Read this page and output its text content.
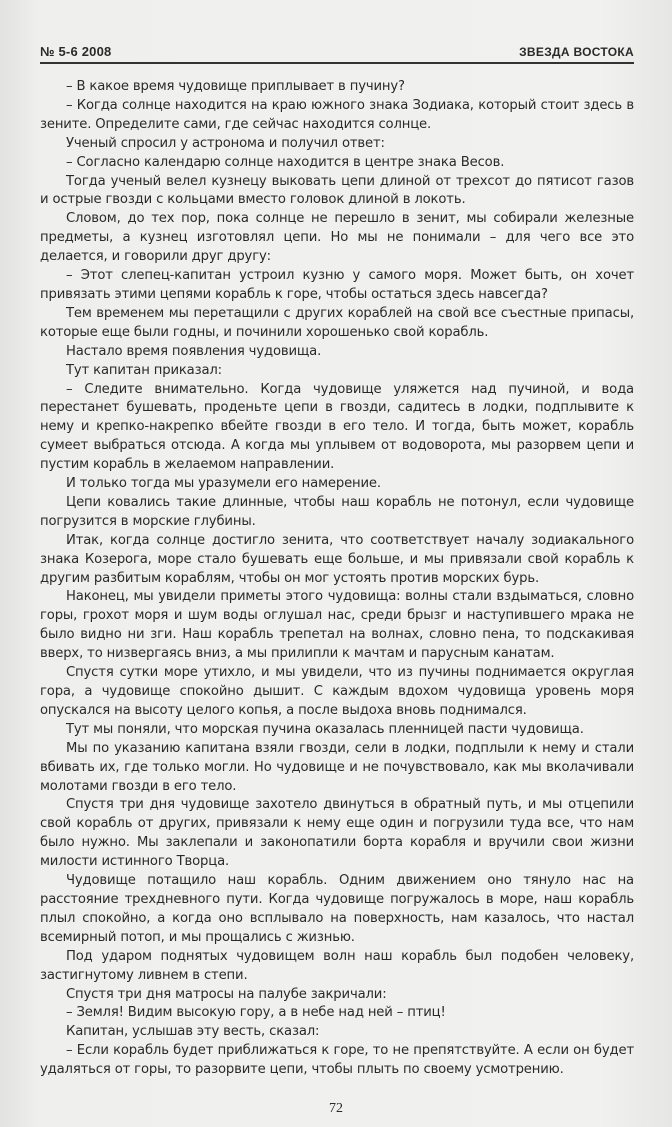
№ 5-6 2008	ЗВЕЗДА ВОСТОКА

– В какое время чудовище приплывает в пучину?

– Когда солнце находится на краю южного знака Зодиака, который стоит здесь в зените. Определите сами, где сейчас находится солнце.

Ученый спросил у астронома и получил ответ:

– Согласно календарю солнце находится в центре знака Весов.

Тогда ученый велел кузнецу выковать цепи длиной от трехсот до пятисот газов и острые гвозди с кольцами вместо головок длиной в локоть.

Словом, до тех пор, пока солнце не перешло в зенит, мы собирали железные предметы, а кузнец изготовлял цепи. Но мы не понимали – для чего все это делается, и говорили друг другу:

– Этот слепец-капитан устроил кузню у самого моря. Может быть, он хочет привязать этими цепями корабль к горе, чтобы остаться здесь навсегда?

Тем временем мы перетащили с других кораблей на свой все съестные припасы, которые еще были годны, и починили хорошенько свой корабль.

Настало время появления чудовища.

Тут капитан приказал:

– Следите внимательно. Когда чудовище уляжется над пучиной, и вода перестанет бушевать, проденьте цепи в гвозди, садитесь в лодки, подплывите к нему и крепко-накрепко вбейте гвозди в его тело. И тогда, быть может, корабль сумеет выбраться отсюда. А когда мы уплывем от водоворота, мы разорвем цепи и пустим корабль в желаемом направлении.

И только тогда мы уразумели его намерение.

Цепи ковались такие длинные, чтобы наш корабль не потонул, если чудовище погрузится в морские глубины.

Итак, когда солнце достигло зенита, что соответствует началу зодиакального знака Козерога, море стало бушевать еще больше, и мы привязали свой корабль к другим разбитым кораблям, чтобы он мог устоять против морских бурь.

Наконец, мы увидели приметы этого чудовища: волны стали вздыматься, словно горы, грохот моря и шум воды оглушал нас, среди брызг и наступившего мрака не было видно ни зги. Наш корабль трепетал на волнах, словно пена, то подскакивая вверх, то низвергаясь вниз, а мы прилипли к мачтам и парусным канатам.

Спустя сутки море утихло, и мы увидели, что из пучины поднимается округлая гора, а чудовище спокойно дышит. С каждым вдохом чудовища уровень моря опускался на высоту целого копья, а после выдоха вновь поднимался.

Тут мы поняли, что морская пучина оказалась пленницей пасти чудовища.

Мы по указанию капитана взяли гвозди, сели в лодки, подплыли к нему и стали вбивать их, где только могли. Но чудовище и не почувствовало, как мы вколачивали молотами гвозди в его тело.

Спустя три дня чудовище захотело двинуться в обратный путь, и мы отцепили свой корабль от других, привязали к нему еще один и погрузили туда все, что нам было нужно. Мы заклепали и законопатили борта корабля и вручили свои жизни милости истинного Творца.

Чудовище потащило наш корабль. Одним движением оно тянуло нас на расстояние трехдневного пути. Когда чудовище погружалось в море, наш корабль плыл спокойно, а когда оно всплывало на поверхность, нам казалось, что настал всемирный потоп, и мы прощались с жизнью.

Под ударом поднятых чудовищем волн наш корабль был подобен человеку, застигнутому ливнем в степи.

Спустя три дня матросы на палубе закричали:

– Земля! Видим высокую гору, а в небе над ней – птиц!

Капитан, услышав эту весть, сказал:

– Если корабль будет приближаться к горе, то не препятствуйте. А если он будет удаляться от горы, то разорвите цепи, чтобы плыть по своему усмотрению.

72
